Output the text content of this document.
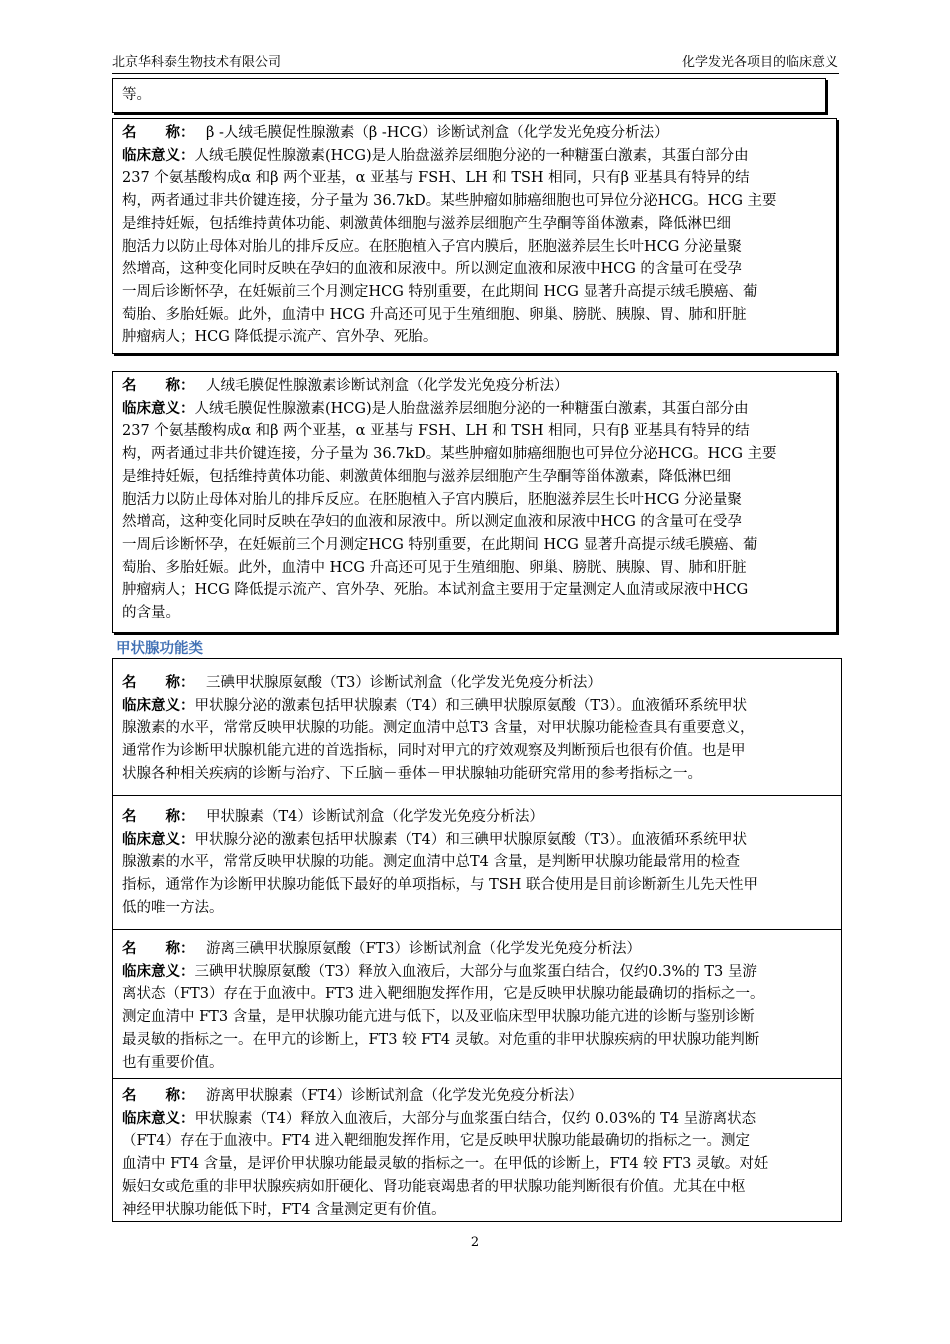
北京华科泰生物技术有限公司	化学发光各项目的临床意义
等。
名　　称： β -人绒毛膜促性腺激素（β -HCG）诊断试剂盒（化学发光免疫分析法）
临床意义：人绒毛膜促性腺激素(HCG)是人胎盘滋养层细胞分泌的一种糖蛋白激素，其蛋白部分由
237 个氨基酸构成α 和β 两个亚基，α 亚基与 FSH、LH 和 TSH 相同，只有β 亚基具有特异的结
构，两者通过非共价键连接，分子量为 36.7kD。某些肿瘤如肺癌细胞也可异位分泌HCG。HCG 主要
是维持妊娠，包括维持黄体功能、刺激黄体细胞与滋养层细胞产生孕酮等甾体激素，降低淋巴细
胞活力以防止母体对胎儿的排斥反应。在胚胞植入子宫内膜后，胚胞滋养层生长叶HCG 分泌量聚
然增高，这种变化同时反映在孕妇的血液和尿液中。所以测定血液和尿液中HCG 的含量可在受孕
一周后诊断怀孕，在妊娠前三个月测定HCG 特别重要，在此期间 HCG 显著升高提示绒毛膜癌、葡
萄胎、多胎妊娠。此外，血清中 HCG 升高还可见于生殖细胞、卵巢、膀胱、胰腺、胃、肺和肝脏
肿瘤病人；HCG 降低提示流产、宫外孕、死胎。
名　　称： 人绒毛膜促性腺激素诊断试剂盒（化学发光免疫分析法）
临床意义：人绒毛膜促性腺激素(HCG)是人胎盘滋养层细胞分泌的一种糖蛋白激素，其蛋白部分由
237 个氨基酸构成α 和β 两个亚基，α 亚基与 FSH、LH 和 TSH 相同，只有β 亚基具有特异的结
构，两者通过非共价键连接，分子量为 36.7kD。某些肿瘤如肺癌细胞也可异位分泌HCG。HCG 主要
是维持妊娠，包括维持黄体功能、刺激黄体细胞与滋养层细胞产生孕酮等甾体激素，降低淋巴细
胞活力以防止母体对胎儿的排斥反应。在胚胞植入子宫内膜后，胚胞滋养层生长叶HCG 分泌量聚
然增高，这种变化同时反映在孕妇的血液和尿液中。所以测定血液和尿液中HCG 的含量可在受孕
一周后诊断怀孕，在妊娠前三个月测定HCG 特别重要，在此期间 HCG 显著升高提示绒毛膜癌、葡
萄胎、多胎妊娠。此外，血清中 HCG 升高还可见于生殖细胞、卵巢、膀胱、胰腺、胃、肺和肝脏
肿瘤病人；HCG 降低提示流产、宫外孕、死胎。本试剂盒主要用于定量测定人血清或尿液中HCG
的含量。
甲状腺功能类
名　　称： 三碘甲状腺原氨酸（T3）诊断试剂盒（化学发光免疫分析法）
临床意义：甲状腺分泌的激素包括甲状腺素（T4）和三碘甲状腺原氨酸（T3）。血液循环系统甲状
腺激素的水平，常常反映甲状腺的功能。测定血清中总T3 含量，对甲状腺功能检查具有重要意义，
通常作为诊断甲状腺机能亢进的首选指标，同时对甲亢的疗效观察及判断预后也很有价值。也是甲
状腺各种相关疾病的诊断与治疗、下丘脑－垂体－甲状腺轴功能研究常用的参考指标之一。
名　　称： 甲状腺素（T4）诊断试剂盒（化学发光免疫分析法）
临床意义：甲状腺分泌的激素包括甲状腺素（T4）和三碘甲状腺原氨酸（T3）。血液循环系统甲状
腺激素的水平，常常反映甲状腺的功能。测定血清中总T4 含量，是判断甲状腺功能最常用的检查
指标，通常作为诊断甲状腺功能低下最好的单项指标，与 TSH 联合使用是目前诊断新生儿先天性甲
低的唯一方法。
名　　称： 游离三碘甲状腺原氨酸（FT3）诊断试剂盒（化学发光免疫分析法）
临床意义：三碘甲状腺原氨酸（T3）释放入血液后，大部分与血浆蛋白结合，仅约0.3%的 T3 呈游
离状态（FT3）存在于血液中。FT3 进入靶细胞发挥作用，它是反映甲状腺功能最确切的指标之一。
测定血清中 FT3 含量，是甲状腺功能亢进与低下，以及亚临床型甲状腺功能亢进的诊断与鉴别诊断
最灵敏的指标之一。在甲亢的诊断上，FT3 较 FT4 灵敏。对危重的非甲状腺疾病的甲状腺功能判断
也有重要价值。
名　　称： 游离甲状腺素（FT4）诊断试剂盒（化学发光免疫分析法）
临床意义：甲状腺素（T4）释放入血液后，大部分与血浆蛋白结合，仅约 0.03%的 T4 呈游离状态
（FT4）存在于血液中。FT4 进入靶细胞发挥作用，它是反映甲状腺功能最确切的指标之一。测定
血清中 FT4 含量，是评价甲状腺功能最灵敏的指标之一。在甲低的诊断上，FT4 较 FT3 灵敏。对妊
娠妇女或危重的非甲状腺疾病如肝硬化、肾功能衰竭患者的甲状腺功能判断很有价值。尤其在中枢
神经甲状腺功能低下时，FT4 含量测定更有价值。
2
